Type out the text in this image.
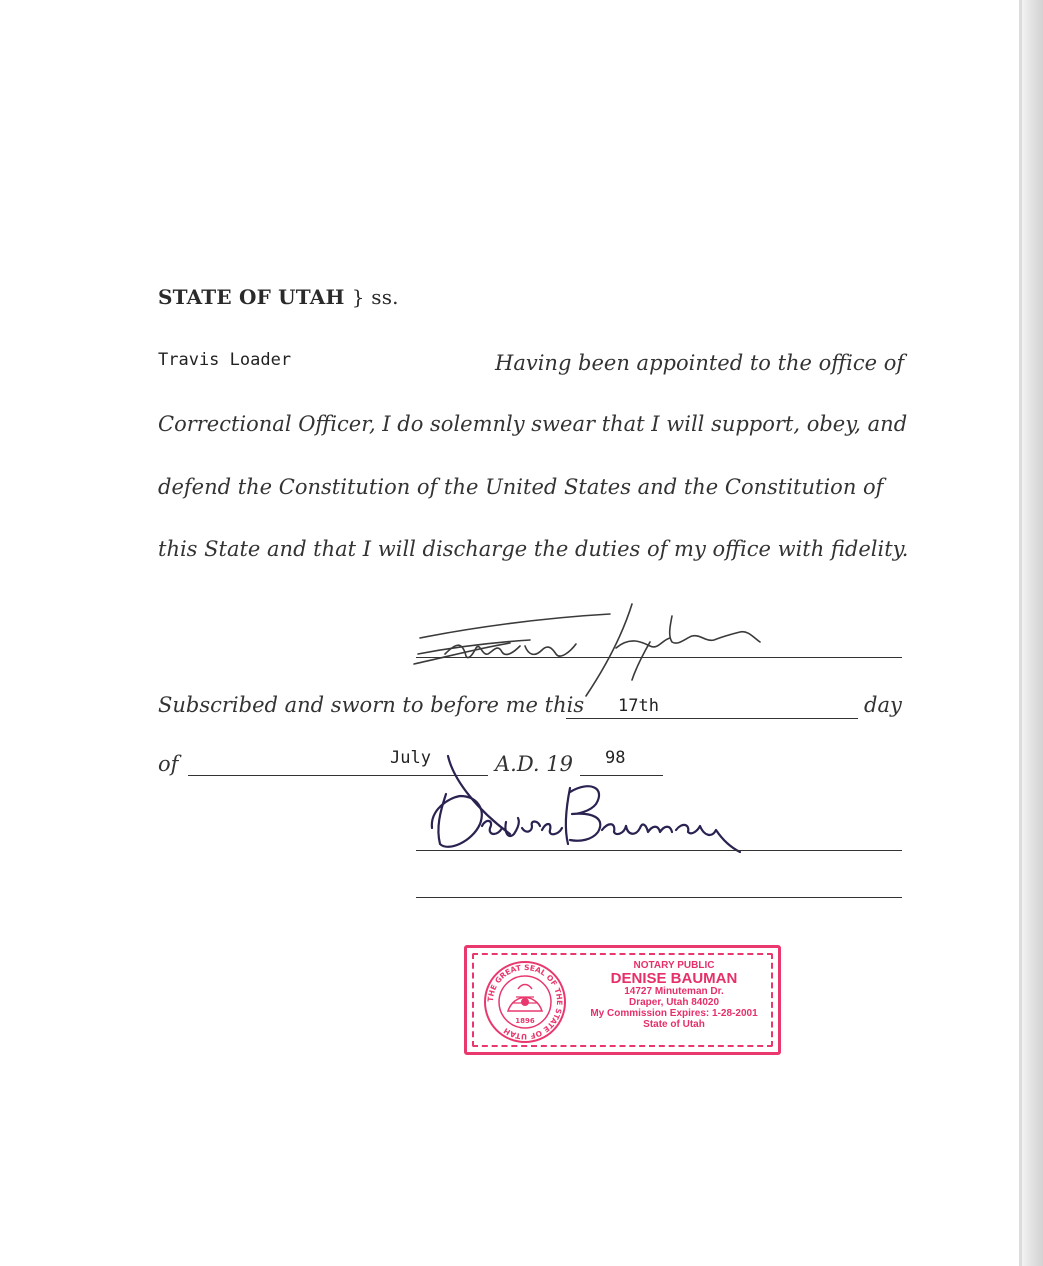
STATE OF UTAH } ss.
Travis Loader	Having been appointed to the office of
Correctional Officer, I do solemnly swear that I will support, obey, and
defend the Constitution of the United States and the Constitution of
this State and that I will discharge the duties of my office with fidelity.
Subscribed and sworn to before me this 17th	day
of	July	A.D. 19 98
THE GREAT SEAL OF THE STATE OF UTAH
1896
NOTARY PUBLIC
DENISE BAUMAN
14727 Minuteman Dr.
Draper, Utah 84020
My Commission Expires: 1-28-2001
State of Utah
